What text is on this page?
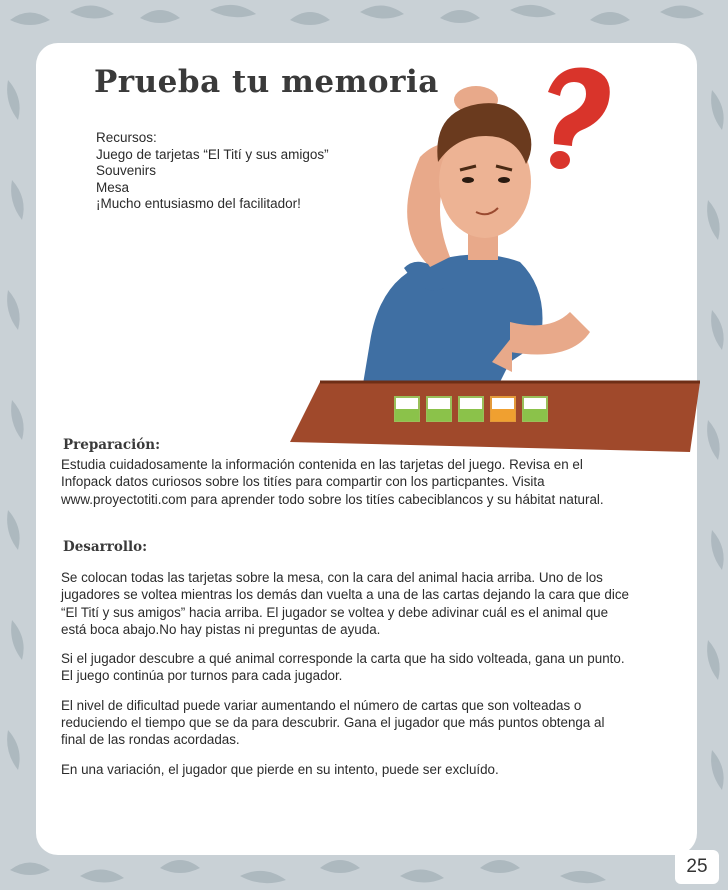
Prueba tu memoria
Recursos:
Juego de tarjetas “El Tití y sus amigos”
Souvenirs
Mesa
¡Mucho entusiasmo del facilitador!
Preparación:

Estudia cuidadosamente la información contenida en las tarjetas del juego. Revisa en el Infopack datos curiosos sobre los titíes para compartir con los particpantes. Visita www.proyectotiti.com para aprender todo sobre los titíes cabeciblancos y su hábitat natural.

Desarrollo:

Se colocan todas las tarjetas sobre la mesa, con la cara del animal hacia arriba. Uno de los jugadores se voltea mientras los demás dan vuelta a una de las cartas dejando la cara que dice “El Tití y sus amigos” hacia arriba. El jugador se voltea y debe adivinar cuál es el animal que está boca abajo.No hay pistas ni preguntas de ayuda.

Si el jugador descubre a qué animal corresponde la carta que ha sido volteada, gana un punto. El juego continúa por turnos para cada jugador.

El nivel de dificultad puede variar aumentando el número de cartas que son volteadas o reduciendo el tiempo que se da para descubrir. Gana el jugador que más puntos obtenga al final de las rondas acordadas.

En una variación, el jugador que pierde en su intento, puede ser excluído.

25
